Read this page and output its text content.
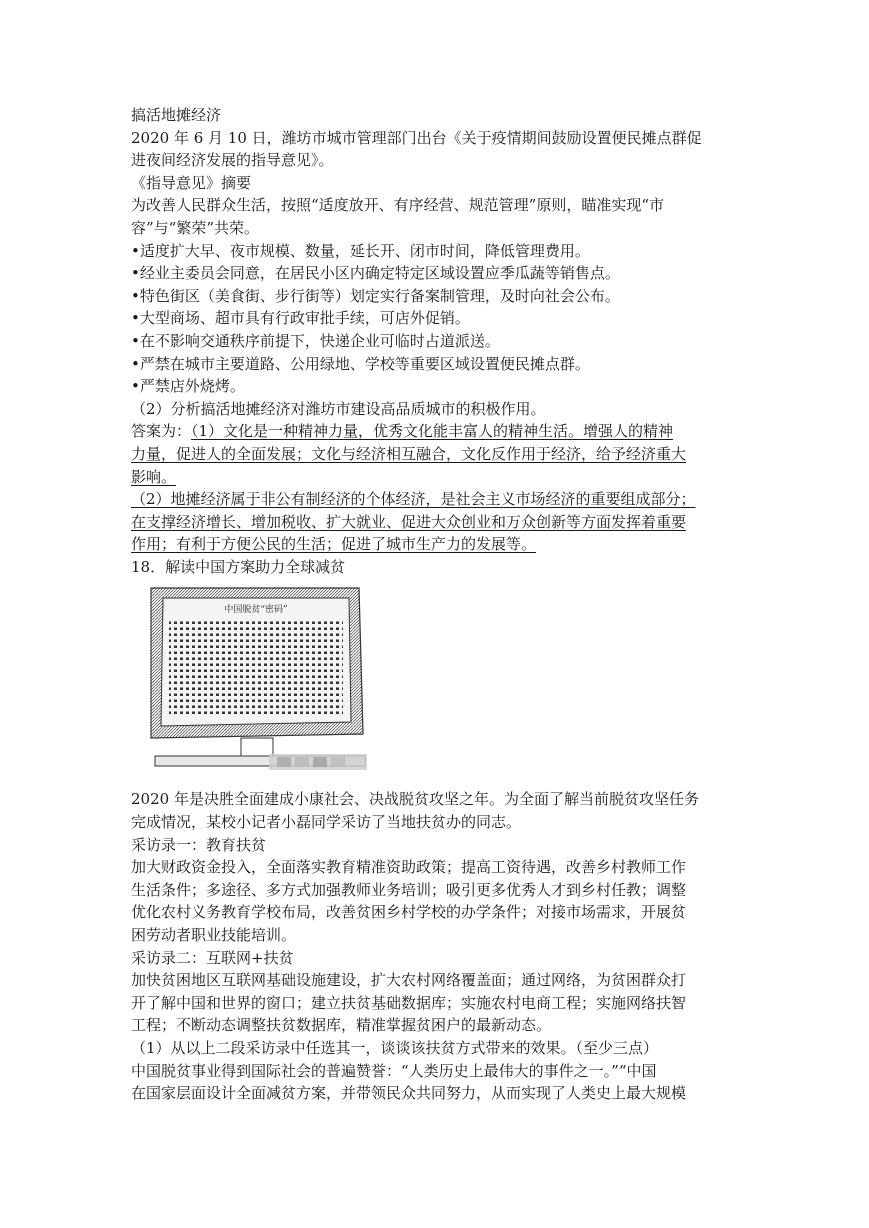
搞活地摊经济

2020 年 6 月 10 日，潍坊市城市管理部门出台《关于疫情期间鼓励设置便民摊点群促

进夜间经济发展的指导意见》。

《指导意见》摘要

为改善人民群众生活，按照“适度放开、有序经营、规范管理”原则，瞄准实现“市

容”与“繁荣”共荣。

•适度扩大早、夜市规模、数量，延长开、闭市时间，降低管理费用。

•经业主委员会同意，在居民小区内确定特定区域设置应季瓜蔬等销售点。

•特色街区（美食街、步行街等）划定实行备案制管理，及时向社会公布。

•大型商场、超市具有行政审批手续，可店外促销。

•在不影响交通秩序前提下，快递企业可临时占道派送。

•严禁在城市主要道路、公用绿地、学校等重要区域设置便民摊点群。

•严禁店外烧烤。

（2）分析搞活地摊经济对潍坊市建设高品质城市的积极作用。

答案为：（1）文化是一种精神力量，优秀文化能丰富人的精神生活。增强人的精神

力量，促进人的全面发展；文化与经济相互融合，文化反作用于经济，给予经济重大

影响。

（2）地摊经济属于非公有制经济的个体经济，是社会主义市场经济的重要组成部分；

在支撑经济增长、增加税收、扩大就业、促进大众创业和万众创新等方面发挥着重要

作用；有利于方便公民的生活；促进了城市生产力的发展等。

18．解读中国方案助力全球减贫

中国脱贫“密码”

2020 年是决胜全面建成小康社会、决战脱贫攻坚之年。为全面了解当前脱贫攻坚任务

完成情况，某校小记者小磊同学采访了当地扶贫办的同志。

采访录一：教育扶贫

加大财政资金投入，全面落实教育精准资助政策；提高工资待遇，改善乡村教师工作

生活条件；多途径、多方式加强教师业务培训；吸引更多优秀人才到乡村任教；调整

优化农村义务教育学校布局，改善贫困乡村学校的办学条件；对接市场需求，开展贫

困劳动者职业技能培训。

采访录二：互联网+扶贫

加快贫困地区互联网基础设施建设，扩大农村网络覆盖面；通过网络，为贫困群众打

开了解中国和世界的窗口；建立扶贫基础数据库；实施农村电商工程；实施网络扶智

工程；不断动态调整扶贫数据库，精准掌握贫困户的最新动态。

（1）从以上二段采访录中任选其一，谈谈该扶贫方式带来的效果。（至少三点）

中国脱贫事业得到国际社会的普遍赞誉：“人类历史上最伟大的事件之一。”“中国

在国家层面设计全面减贫方案，并带领民众共同努力，从而实现了人类史上最大规模
